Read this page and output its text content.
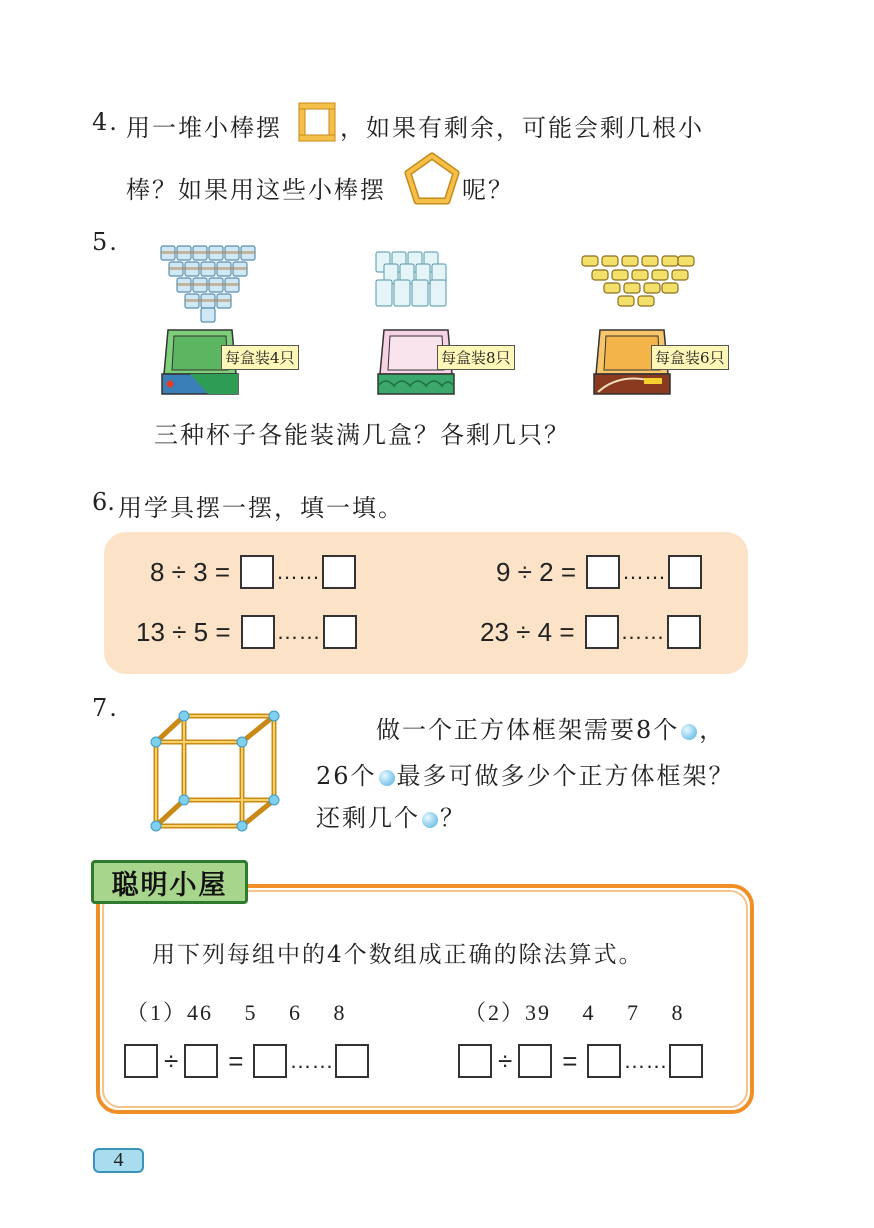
4. 用一堆小棒摆 ，如果有剩余，可能会剩几根小
棒？如果用这些小棒摆	呢？
5.
每盒装4只	每盒装8只	每盒装6只
三种杯子各能装满几盒？各剩几只？
6. 用学具摆一摆，填一填。
8 ÷ 3 = ……	9 ÷ 2 = ……
13 ÷ 5 = ……	23 ÷ 4 = ……
7.
做一个正方体框架需要8个 ，
26个 最多可做多少个正方体框架？
还剩几个 ？
聪明小屋
用下列每组中的4个数组成正确的除法算式。
（1）46　 5　 6　 8	（2）39　 4　 7　 8
÷ = ……	÷ = ……
4
